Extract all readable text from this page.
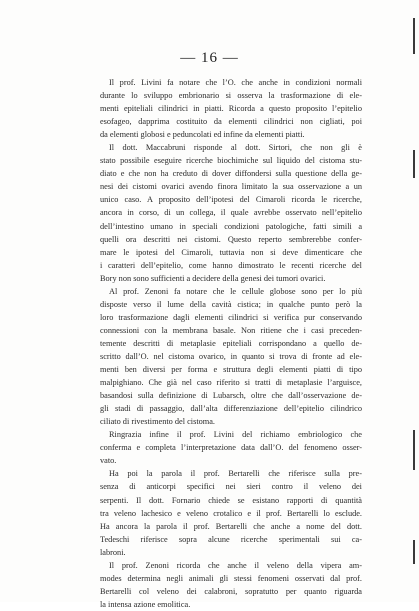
— 16 —
Il prof. Livini fa notare che l’O. che anche in condizioni normali
durante lo sviluppo embrionario si osserva la trasformazione di ele-
menti epiteliali cilindrici in piatti. Ricorda a questo proposito l’epitelio
esofageo, dapprima costituito da elementi cilindrici non cigliati, poi
da elementi globosi e peduncolati ed infine da elementi piatti.
Il dott. Maccabruni risponde al dott. Sirtori, che non gli è
stato possibile eseguire ricerche biochimiche sul liquido del cistoma stu-
diato e che non ha creduto di dover diffondersi sulla questione della ge-
nesi dei cistomi ovarici avendo finora limitato la sua osservazione a un
unico caso. A proposito dell’ipotesi del Cimaroli ricorda le ricerche,
ancora in corso, di un collega, il quale avrebbe osservato nell’epitelio
dell’intestino umano in speciali condizioni patologiche, fatti simili a
quelli ora descritti nei cistomi. Questo reperto sembrerebbe confer-
mare le ipotesi del Cimaroli, tuttavia non si deve dimenticare che
i caratteri dell’epitelio, come hanno dimostrato le recenti ricerche del
Bory non sono sufficienti a decidere della genesi dei tumori ovarici.
Al prof. Zenoni fa notare che le cellule globose sono per lo più
disposte verso il lume della cavità cistica; in qualche punto però la
loro trasformazione dagli elementi cilindrici si verifica pur conservando
connessioni con la membrana basale. Non ritiene che i casi preceden-
temente descritti di metaplasie epiteliali corrispondano a quello de-
scritto dall’O. nel cistoma ovarico, in quanto si trova di fronte ad ele-
menti ben diversi per forma e struttura degli elementi piatti di tipo
malpighiano. Che già nel caso riferito si tratti di metaplasie l’arguisce,
basandosi sulla definizione di Lubarsch, oltre che dall’osservazione de-
gli stadi di passaggio, dall’alta differenziazione dell’epitelio cilindrico
ciliato di rivestimento del cistoma.
Ringrazia infine il prof. Livini del richiamo embriologico che
conferma e completa l’interpretazione data dall’O. del fenomeno osser-
vato.
Ha poi la parola il prof. Bertarelli che riferisce sulla pre-
senza di anticorpi specifici nei sieri contro il veleno dei
serpenti. Il dott. Fornario chiede se esistano rapporti di quantità
tra veleno lachesico e veleno crotalico e il prof. Bertarelli lo esclude.
Ha ancora la parola il prof. Bertarelli che anche a nome del dott.
Tedeschi riferisce sopra alcune ricerche sperimentali sui ca-
labroni.
Il prof. Zenoni ricorda che anche il veleno della vipera am-
modes determina negli animali gli stessi fenomeni osservati dal prof.
Bertarelli col veleno dei calabroni, sopratutto per quanto riguarda
la intensa azione emolitica.
